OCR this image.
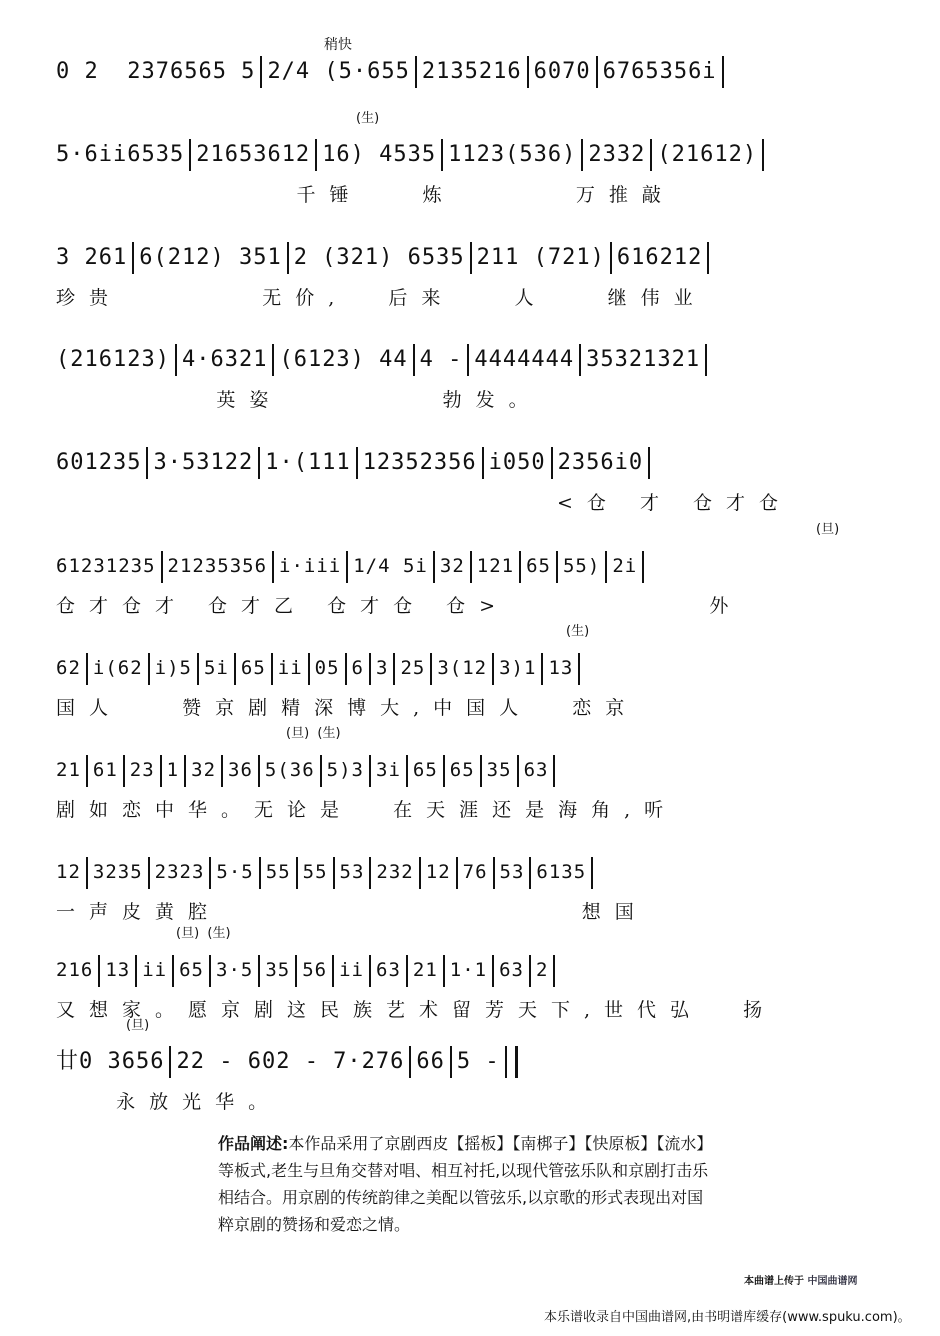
稍快
0 2  2376565 5 2/4 (5·655 2135216 6070 6765356i
(生)
5·6ii6535 21653612 16) 4535 1123(536) 2332 (21612)
千锤   炼      万推敲
3 261 6(212) 351 2 (321) 6535 211 (721) 616212
珍贵       无价,  后来   人   继伟业
(216123) 4·6321 (6123) 44 4 - 4444444 35321321
英姿        勃发。
601235 3·53122 1·(111 12352356 i050 2356i0
<仓 才 仓才仓
(旦)
61231235 21235356 i·iii 1/4 5i 32 121 65 55) 2i
仓才仓才 仓才乙 仓才仓 仓>          外
(生)
62 i(62 i)5 5i 65 ii 05 6 3 25 3(12 3)1 13
国人   赞京剧精深博大,中国人  恋京
(旦)  (生)
21 61 23 1 32 36 5(36 5)3 3i 65 65 35 63
剧如恋中华。无论是  在天涯还是海角,听
12 3235 2323 5·5 55 55 53 232 12 76 53 6135
一声皮黄腔                  想国
(旦)  (生)
216 13 ii 65 3·5 35 56 ii 63 21 1·1 63 2
又想家。愿京剧这民族艺术留芳天下,世代弘  扬
(旦)
廿0 3656 22 - 602 - 7·276 66 5 -
永放光华。
作品阐述:本作品采用了京剧西皮【摇板】【南梆子】【快原板】【流水】等板式,老生与旦角交替对唱、相互衬托,以现代管弦乐队和京剧打击乐相结合。用京剧的传统韵律之美配以管弦乐,以京歌的形式表现出对国粹京剧的赞扬和爱恋之情。
本曲谱上传于 中国曲谱网
本乐谱收录自中国曲谱网,由书明谱库缓存(www.spuku.com)。
